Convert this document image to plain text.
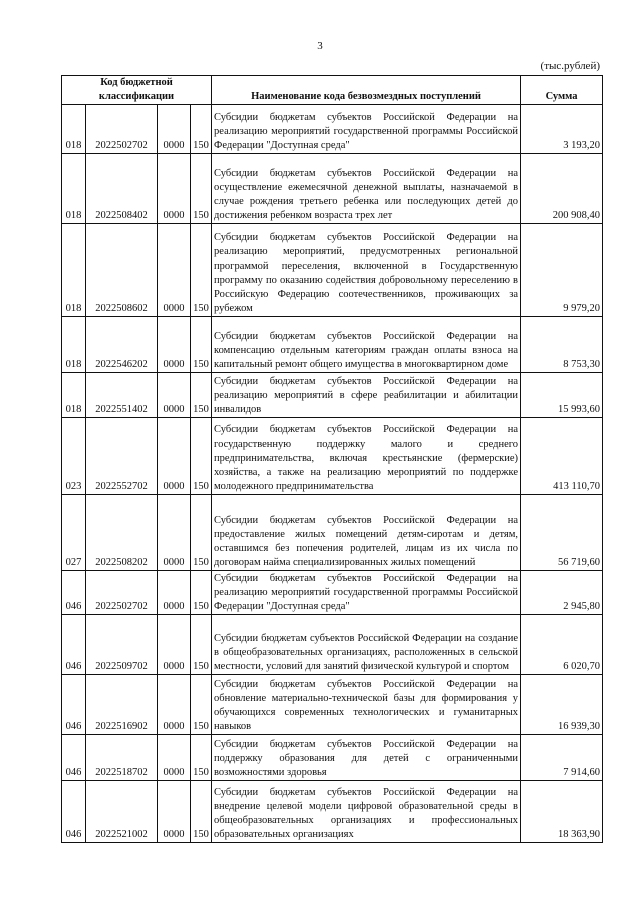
3
(тыс.рублей)
Код бюджетной классификации				Наименование кода безвозмездных поступлений	Сумма
018	2022502702	0000	150	Субсидии бюджетам субъектов Российской Федерации на реализацию мероприятий государственной программы Российской Федерации "Доступная среда"	3 193,20
018	2022508402	0000	150	Субсидии бюджетам субъектов Российской Федерации на осуществление ежемесячной денежной выплаты, назначаемой в случае рождения третьего ребенка или последующих детей до достижения ребенком возраста трех лет	200 908,40
018	2022508602	0000	150	Субсидии бюджетам субъектов Российской Федерации на реализацию мероприятий, предусмотренных региональной программой переселения, включенной в Государственную программу по оказанию содействия добровольному переселению в Российскую Федерацию соотечественников, проживающих за рубежом	9 979,20
018	2022546202	0000	150	Субсидии бюджетам субъектов Российской Федерации на компенсацию отдельным категориям граждан оплаты взноса на капитальный ремонт общего имущества в многоквартирном доме	8 753,30
018	2022551402	0000	150	Субсидии бюджетам субъектов Российской Федерации на реализацию мероприятий в сфере реабилитации и абилитации инвалидов	15 993,60
023	2022552702	0000	150	Субсидии бюджетам субъектов Российской Федерации на государственную поддержку малого и среднего предпринимательства, включая крестьянские (фермерские) хозяйства, а также на реализацию мероприятий по поддержке молодежного предпринимательства	413 110,70
027	2022508202	0000	150	Субсидии бюджетам субъектов Российской Федерации на предоставление жилых помещений детям-сиротам и детям, оставшимся без попечения родителей, лицам из их числа по договорам найма специализированных жилых помещений	56 719,60
046	2022502702	0000	150	Субсидии бюджетам субъектов Российской Федерации на реализацию мероприятий государственной программы Российской Федерации "Доступная среда"	2 945,80
046	2022509702	0000	150	Субсидии бюджетам субъектов Российской Федерации на создание в общеобразовательных организациях, расположенных в сельской местности, условий для занятий физической культурой и спортом	6 020,70
046	2022516902	0000	150	Субсидии бюджетам субъектов Российской Федерации на обновление материально-технической базы для формирования у обучающихся современных технологических и гуманитарных навыков	16 939,30
046	2022518702	0000	150	Субсидии бюджетам субъектов Российской Федерации на поддержку образования для детей с ограниченными возможностями здоровья	7 914,60
046	2022521002	0000	150	Субсидии бюджетам субъектов Российской Федерации на внедрение целевой модели цифровой образовательной среды в общеобразовательных организациях и профессиональных образовательных организациях	18 363,90
